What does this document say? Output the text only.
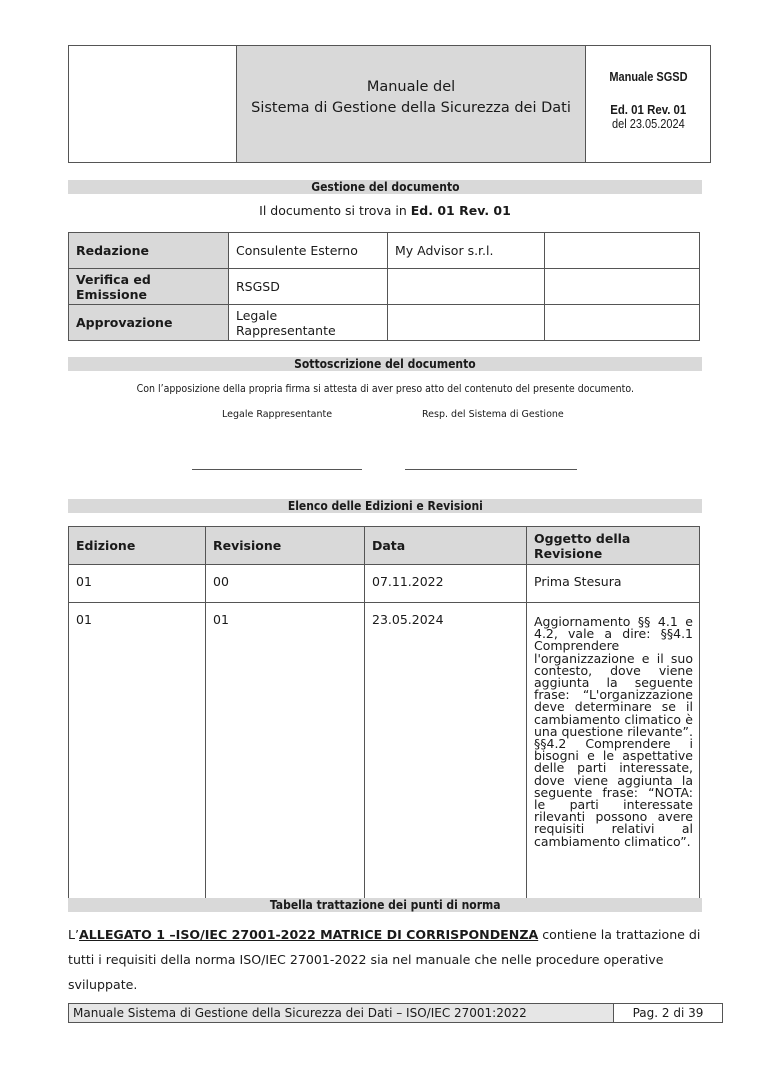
Manuale del
Sistema di Gestione della Sicurezza dei Dati
Manuale SGSD
Ed. 01 Rev. 01
del 23.05.2024
Gestione del documento
Il documento si trova in Ed. 01 Rev. 01
Redazione	Consulente Esterno	My Advisor s.r.l.	
Verifica ed Emissione	RSGSD		
Approvazione	Legale Rappresentante		
Sottoscrizione del documento
Con l’apposizione della propria firma si attesta di aver preso atto del contenuto del presente documento.
Legale Rappresentante	Resp. del Sistema di Gestione
Elenco delle Edizioni e Revisioni
Edizione	Revisione	Data	Oggetto della Revisione
01	00	07.11.2022	Prima Stesura
01	01	23.05.2024	Aggiornamento §§ 4.1 e 4.2, vale a dire: §§4.1 Comprendere l'organizzazione e il suo contesto, dove viene aggiunta la seguente frase: “L'organizzazione deve determinare se il cambiamento climatico è una questione rilevante”. §§4.2 Comprendere i bisogni e le aspettative delle parti interessate, dove viene aggiunta la seguente frase: “NOTA: le parti interessate rilevanti possono avere requisiti relativi al cambiamento climatico”.
Tabella trattazione dei punti di norma
L’ALLEGATO 1 –ISO/IEC 27001-2022 MATRICE DI CORRISPONDENZA contiene la trattazione di tutti i requisiti della norma ISO/IEC 27001-2022 sia nel manuale che nelle procedure operative sviluppate.
Manuale Sistema di Gestione della Sicurezza dei Dati – ISO/IEC 27001:2022	Pag. 2 di 39
